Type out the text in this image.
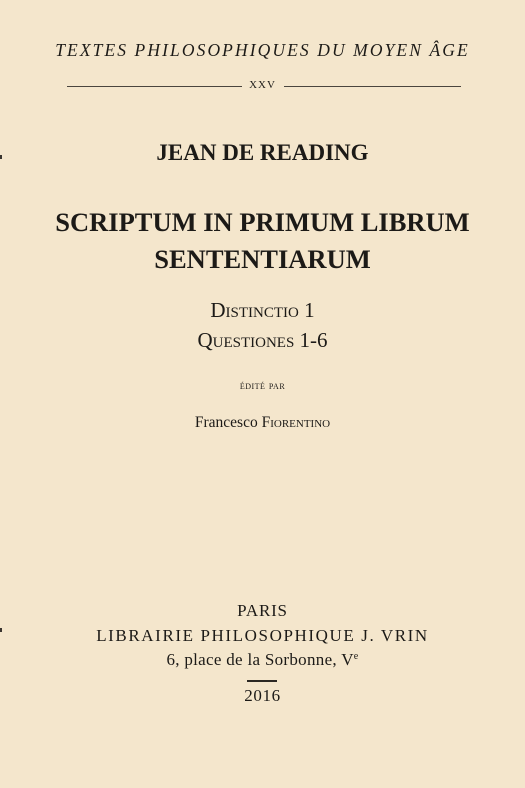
TEXTES PHILOSOPHIQUES DU MOYEN ÂGE
XXV
JEAN DE READING
SCRIPTUM IN PRIMUM LIBRUM
SENTENTIARUM
Distinctio 1
Questiones 1-6
édité par
Francesco Fiorentino
PARIS
LIBRAIRIE PHILOSOPHIQUE J. VRIN
6, place de la Sorbonne, Ve
2016
